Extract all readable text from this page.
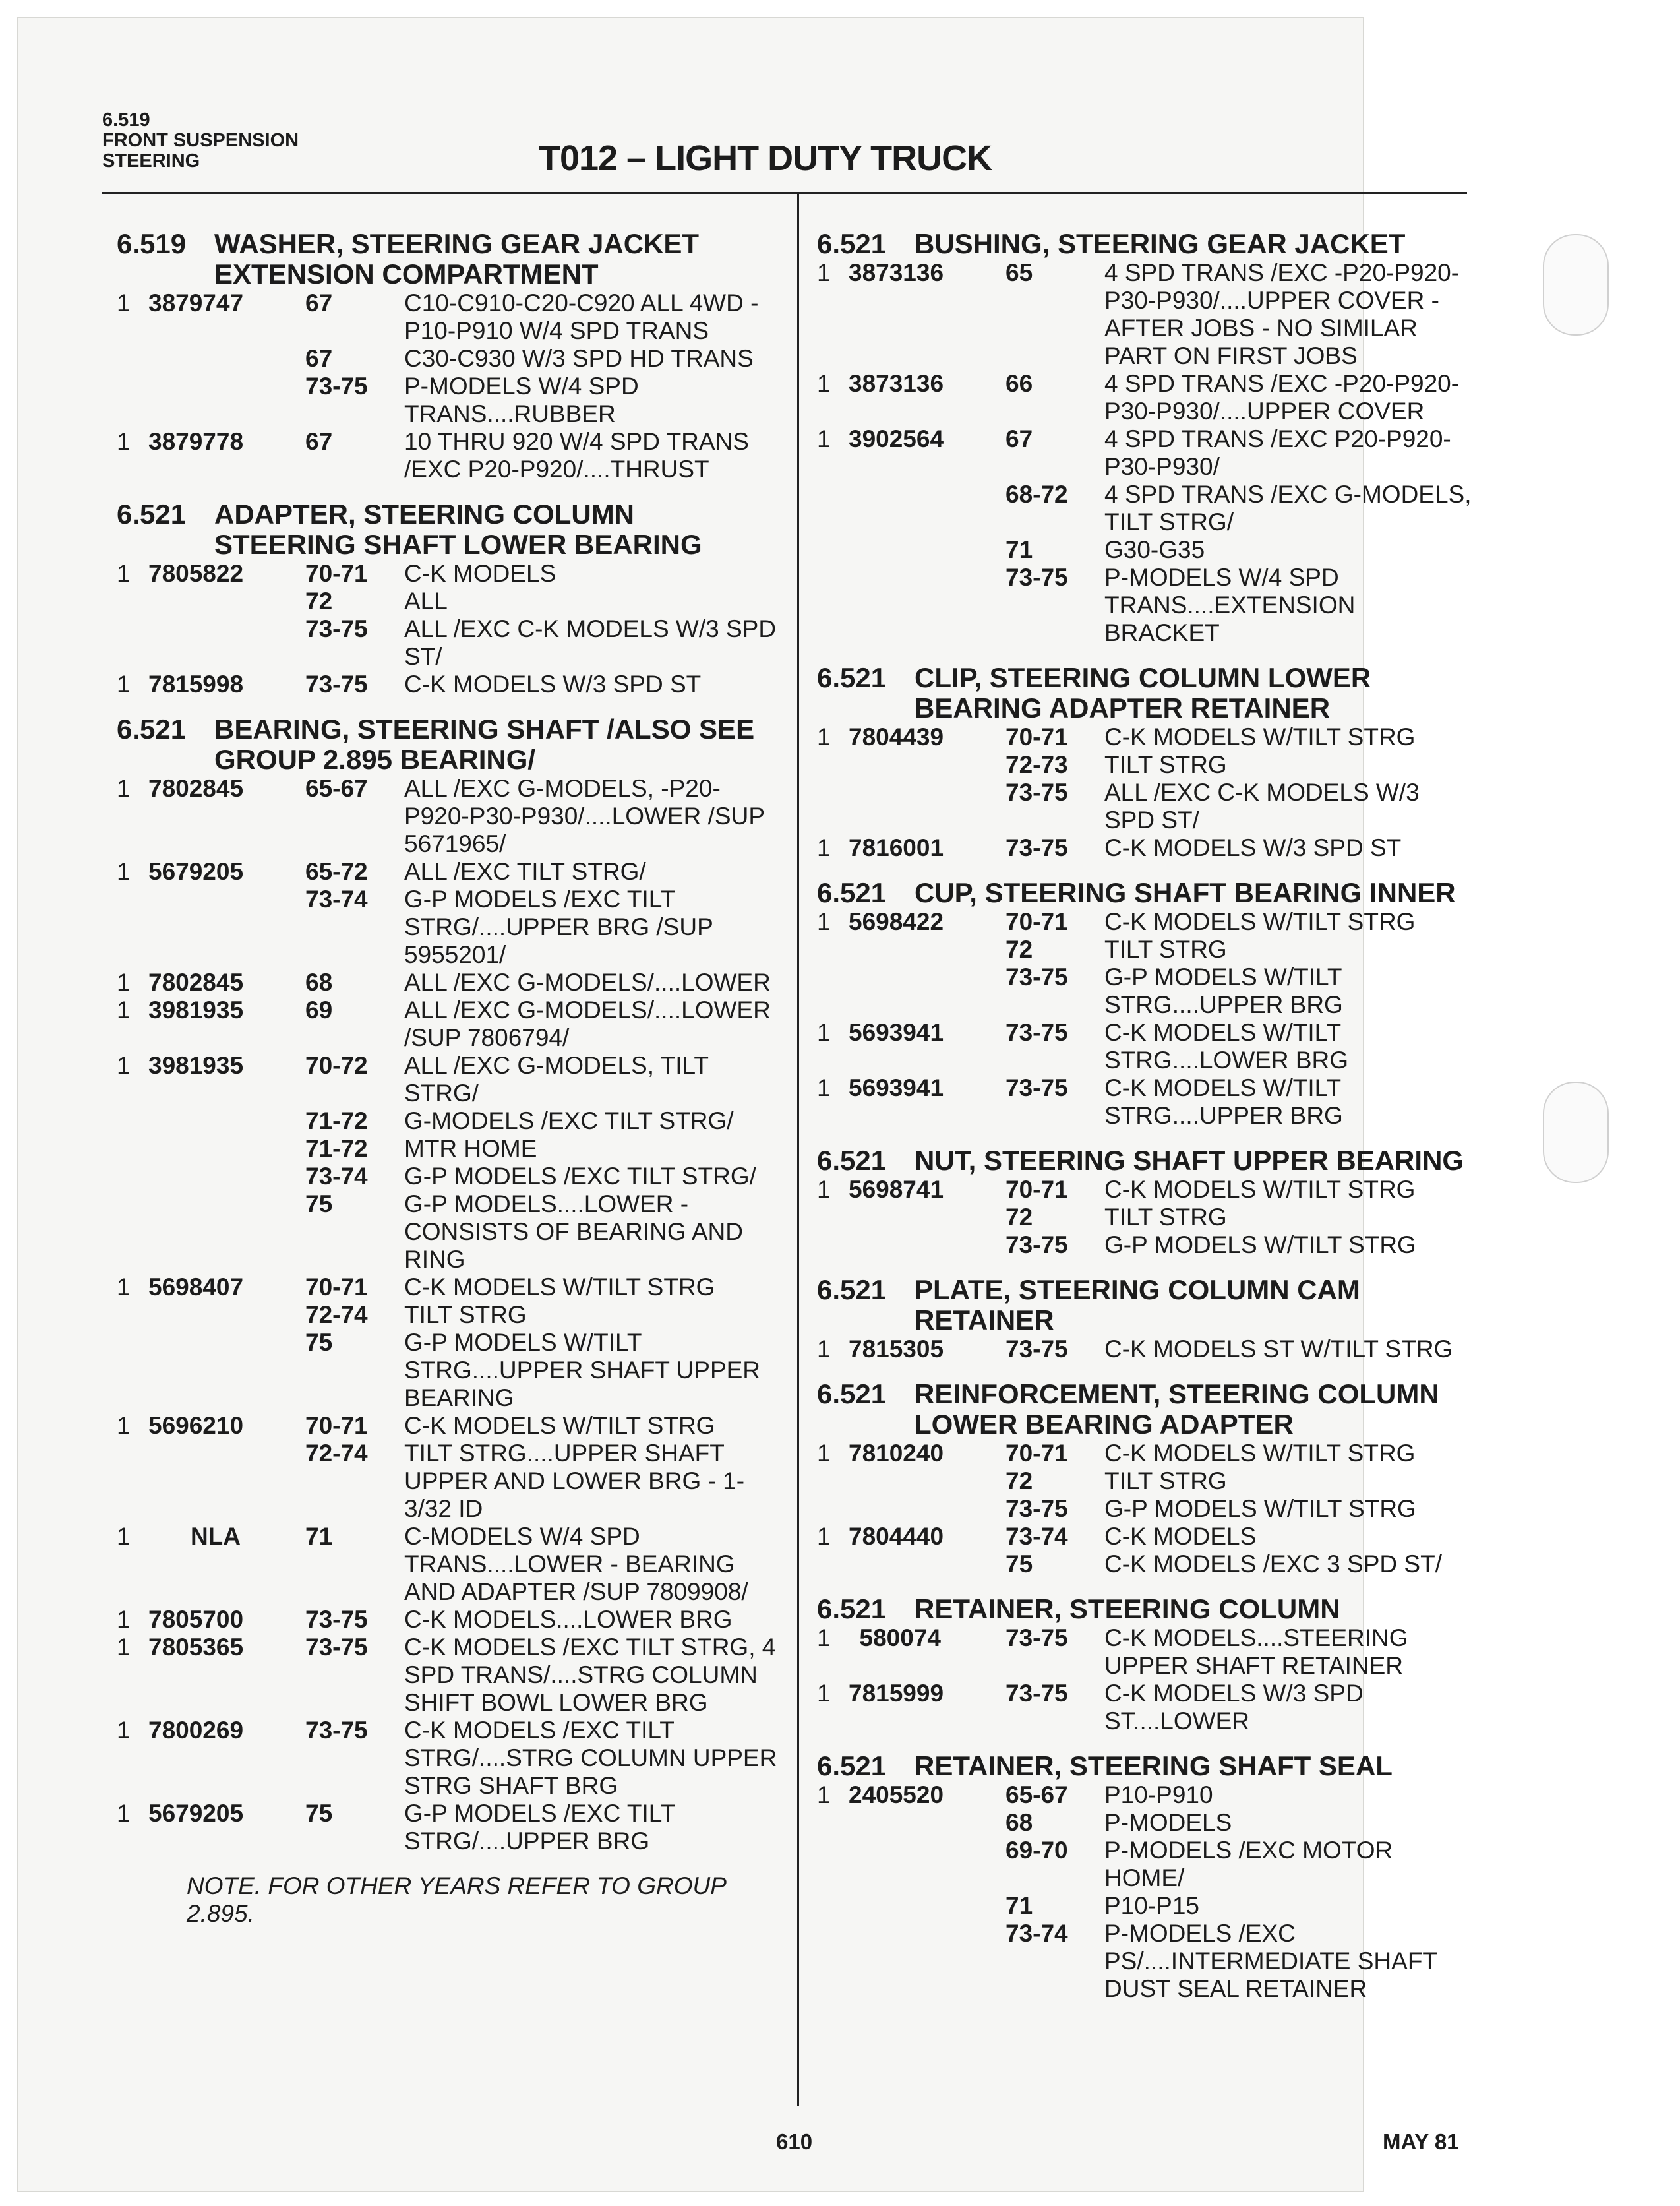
6.519
FRONT SUSPENSION
STEERING	T012 – LIGHT DUTY TRUCK
6.519 WASHER, STEERING GEAR JACKET EXTENSION COMPARTMENT
1 3879747	67	C10-C910-C20-C920 ALL 4WD - P10-P910 W/4 SPD TRANS
67	C30-C930 W/3 SPD HD TRANS
73-75 P-MODELS W/4 SPD TRANS....RUBBER
1 3879778	67	10 THRU 920 W/4 SPD TRANS /EXC P20-P920/....THRUST
6.521 ADAPTER, STEERING COLUMN STEERING SHAFT LOWER BEARING
1 7805822	70-71 C-K MODELS
72	ALL
73-75 ALL /EXC C-K MODELS W/3 SPD ST/
1 7815998	73-75 C-K MODELS W/3 SPD ST
6.521 BEARING, STEERING SHAFT /ALSO SEE GROUP 2.895 BEARING/
1 7802845	65-67 ALL /EXC G-MODELS, -P20-P920-P30-P930/....LOWER /SUP 5671965/
1 5679205	65-72 ALL /EXC TILT STRG/
73-74 G-P MODELS /EXC TILT STRG/....UPPER BRG /SUP 5955201/
1 7802845	68	ALL /EXC G-MODELS/....LOWER
1 3981935	69	ALL /EXC G-MODELS/....LOWER /SUP 7806794/
1 3981935	70-72 ALL /EXC G-MODELS, TILT STRG/
71-72 G-MODELS /EXC TILT STRG/
71-72 MTR HOME
73-74 G-P MODELS /EXC TILT STRG/
75	G-P MODELS....LOWER - CONSISTS OF BEARING AND RING
1 5698407	70-71 C-K MODELS W/TILT STRG
72-74 TILT STRG
75	G-P MODELS W/TILT STRG....UPPER SHAFT UPPER BEARING
1 5696210	70-71 C-K MODELS W/TILT STRG
72-74 TILT STRG....UPPER SHAFT UPPER AND LOWER BRG - 1-3/32 ID
1	NLA	71	C-MODELS W/4 SPD TRANS....LOWER - BEARING AND ADAPTER /SUP 7809908/
1 7805700	73-75 C-K MODELS....LOWER BRG
1 7805365	73-75 C-K MODELS /EXC TILT STRG, 4 SPD TRANS/....STRG COLUMN SHIFT BOWL LOWER BRG
1 7800269	73-75 C-K MODELS /EXC TILT STRG/....STRG COLUMN UPPER STRG SHAFT BRG
1 5679205	75	G-P MODELS /EXC TILT STRG/....UPPER BRG
NOTE. FOR OTHER YEARS REFER TO GROUP 2.895.
6.521 BUSHING, STEERING GEAR JACKET
1 3873136	65	4 SPD TRANS /EXC -P20-P920-P30-P930/....UPPER COVER - AFTER JOBS - NO SIMILAR PART ON FIRST JOBS
1 3873136	66	4 SPD TRANS /EXC -P20-P920-P30-P930/....UPPER COVER
1 3902564	67	4 SPD TRANS /EXC P20-P920-P30-P930/
68-72 4 SPD TRANS /EXC G-MODELS, TILT STRG/
71	G30-G35
73-75 P-MODELS W/4 SPD TRANS....EXTENSION BRACKET
6.521 CLIP, STEERING COLUMN LOWER BEARING ADAPTER RETAINER
1 7804439	70-71 C-K MODELS W/TILT STRG
72-73 TILT STRG
73-75 ALL /EXC C-K MODELS W/3 SPD ST/
1 7816001	73-75 C-K MODELS W/3 SPD ST
6.521 CUP, STEERING SHAFT BEARING INNER
1 5698422	70-71 C-K MODELS W/TILT STRG
72	TILT STRG
73-75 G-P MODELS W/TILT STRG....UPPER BRG
1 5693941	73-75 C-K MODELS W/TILT STRG....LOWER BRG
1 5693941	73-75 C-K MODELS W/TILT STRG....UPPER BRG
6.521 NUT, STEERING SHAFT UPPER BEARING
1 5698741	70-71 C-K MODELS W/TILT STRG
72	TILT STRG
73-75 G-P MODELS W/TILT STRG
6.521 PLATE, STEERING COLUMN CAM RETAINER
1 7815305	73-75 C-K MODELS ST W/TILT STRG
6.521 REINFORCEMENT, STEERING COLUMN LOWER BEARING ADAPTER
1 7810240	70-71 C-K MODELS W/TILT STRG
72	TILT STRG
73-75 G-P MODELS W/TILT STRG
1 7804440	73-74 C-K MODELS
75	C-K MODELS /EXC 3 SPD ST/
6.521 RETAINER, STEERING COLUMN
1	580074	73-75 C-K MODELS....STEERING UPPER SHAFT RETAINER
1 7815999	73-75 C-K MODELS W/3 SPD ST....LOWER
6.521 RETAINER, STEERING SHAFT SEAL
1 2405520	65-67 P10-P910
68	P-MODELS
69-70 P-MODELS /EXC MOTOR HOME/
71	P10-P15
73-74 P-MODELS /EXC PS/....INTERMEDIATE SHAFT DUST SEAL RETAINER
610	MAY 81
